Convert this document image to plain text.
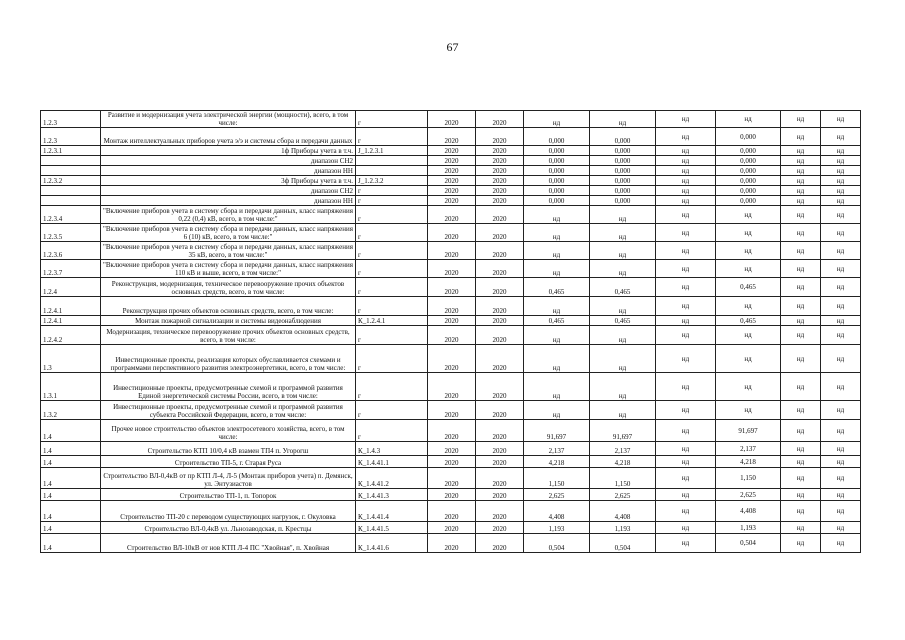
67
1.2.3	Развитие и модернизация учета электрической энергии (мощности), всего, в том числе:	г	2020	2020	нд	нд	нд	нд	нд	нд
1.2.3	Монтаж интеллектуальных приборов учета э/э и системы сбора и передачи данных	г	2020	2020	0,000	0,000	нд	0,000	нд	нд
1.2.3.1	1ф Приборы учета в т.ч.	J_1.2.3.1	2020	2020	0,000	0,000	нд	0,000	нд	нд
	диапазон СН2		2020	2020	0,000	0,000	нд	0,000	нд	нд
	диапазон НН		2020	2020	0,000	0,000	нд	0,000	нд	нд
1.2.3.2	3ф Приборы учета в т.ч.	J_1.2.3.2	2020	2020	0,000	0,000	нд	0,000	нд	нд
	диапазон СН2	г	2020	2020	0,000	0,000	нд	0,000	нд	нд
	диапазон НН	г	2020	2020	0,000	0,000	нд	0,000	нд	нд
1.2.3.4	"Включение приборов учета в систему сбора и передачи данных, класс напряжения 0,22 (0,4) кВ, всего, в том числе:"	г	2020	2020	нд	нд	нд	нд	нд	нд
1.2.3.5	"Включение приборов учета в систему сбора и передачи данных, класс напряжения 6 (10) кВ, всего, в том числе:"	г	2020	2020	нд	нд	нд	нд	нд	нд
1.2.3.6	"Включение приборов учета в систему сбора и передачи данных, класс напряжения 35 кВ, всего, в том числе:"	г	2020	2020	нд	нд	нд	нд	нд	нд
1.2.3.7	"Включение приборов учета в систему сбора и передачи данных, класс напряжения 110 кВ и выше, всего, в том числе:"	г	2020	2020	нд	нд	нд	нд	нд	нд
1.2.4	Реконструкция, модернизация, техническое перевооружение прочих объектов основных средств, всего, в том числе:	г	2020	2020	0,465	0,465	нд	0,465	нд	нд
1.2.4.1	Реконструкция прочих объектов основных средств, всего, в том числе:	г	2020	2020	нд	нд	нд	нд	нд	нд
1.2.4.1	Монтаж пожарной сигнализации и системы видеонаблюдения	К_1.2.4.1	2020	2020	0,465	0,465	нд	0,465	нд	нд
1.2.4.2	Модернизация, техническое перевооружение прочих объектов основных средств, всего, в том числе:	г	2020	2020	нд	нд	нд	нд	нд	нд
1.3	Инвестиционные проекты, реализация которых обуславливается схемами и программами перспективного развития электроэнергетики, всего, в том числе:	г	2020	2020	нд	нд	нд	нд	нд	нд
1.3.1	Инвестиционные проекты, предусмотренные схемой и программой развития Единой энергетической системы России, всего, в том числе:	г	2020	2020	нд	нд	нд	нд	нд	нд
1.3.2	Инвестиционные проекты, предусмотренные схемой и программой развития субъекта Российской Федерации, всего, в том числе:	г	2020	2020	нд	нд	нд	нд	нд	нд
1.4	Прочее новое строительство объектов электросетевого хозяйства, всего, в том числе:	г	2020	2020	91,697	91,697	нд	91,697	нд	нд
1.4	Строительство КТП 10/0,4 кВ взамен ТП4 п. Угорогш	К_1.4.3	2020	2020	2,137	2,137	нд	2,137	нд	нд
1.4	Строительство ТП-5, г. Старая Руса	К_1.4.41.1	2020	2020	4,218	4,218	нд	4,218	нд	нд
1.4	Строительство ВЛ-0,4кВ от пр КТП Л-4, Л-5 (Монтаж приборов учета) п. Демянск, ул. Энтузиастов	К_1.4.41.2	2020	2020	1,150	1,150	нд	1,150	нд	нд
1.4	Строительство ТП-1, п. Топорок	К_1.4.41.3	2020	2020	2,625	2,625	нд	2,625	нд	нд
1.4	Строительство ТП-20 с переводом существующих нагрузок, г. Окуловка	К_1.4.41.4	2020	2020	4,408	4,408	нд	4,408	нд	нд
1.4	Строительство ВЛ-0,4кВ ул. Льнозаводская, п. Крестцы	К_1.4.41.5	2020	2020	1,193	1,193	нд	1,193	нд	нд
1.4	Строительство ВЛ-10кВ от нов КТП Л-4 ПС "Хвойная", п. Хвойная	К_1.4.41.6	2020	2020	0,504	0,504	нд	0,504	нд	нд
